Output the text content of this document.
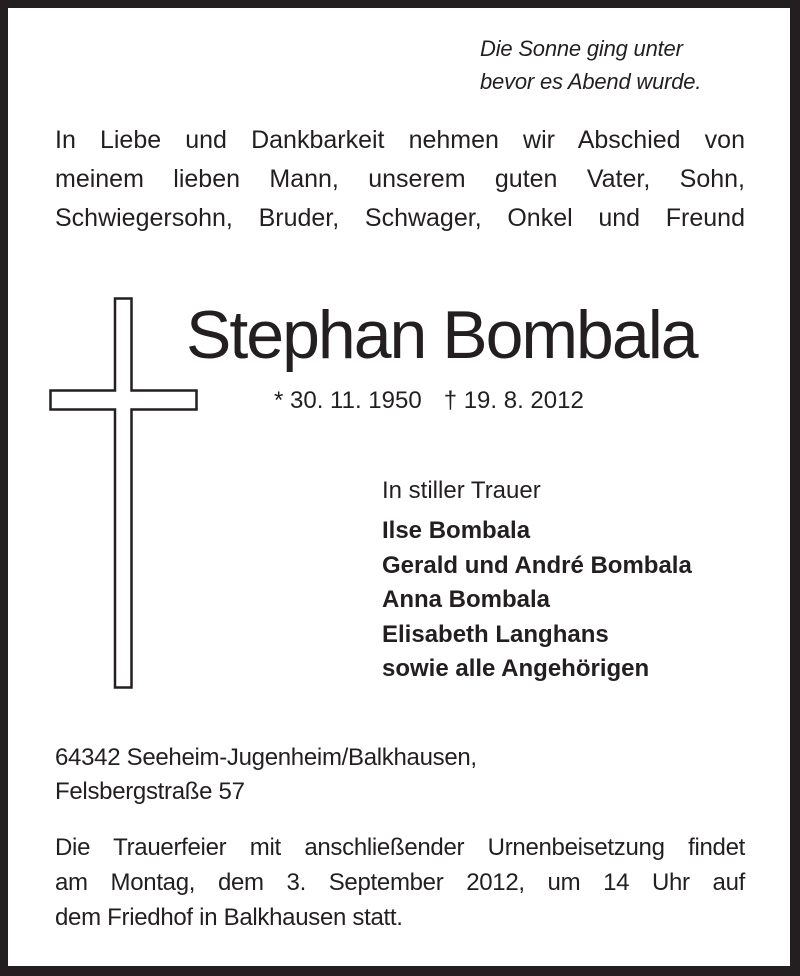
Die Sonne ging unter
bevor es Abend wurde.
In Liebe und Dankbarkeit nehmen wir Abschied von
meinem lieben Mann, unserem guten Vater, Sohn,
Schwiegersohn, Bruder, Schwager, Onkel und Freund
Stephan Bombala
* 30. 11. 1950 † 19. 8. 2012
In stiller Trauer
Ilse Bombala
Gerald und André Bombala
Anna Bombala
Elisabeth Langhans
sowie alle Angehörigen
64342 Seeheim-Jugenheim/Balkhausen,
Felsbergstraße 57
Die Trauerfeier mit anschließender Urnenbeisetzung findet
am Montag, dem 3. September 2012, um 14 Uhr auf
dem Friedhof in Balkhausen statt.
